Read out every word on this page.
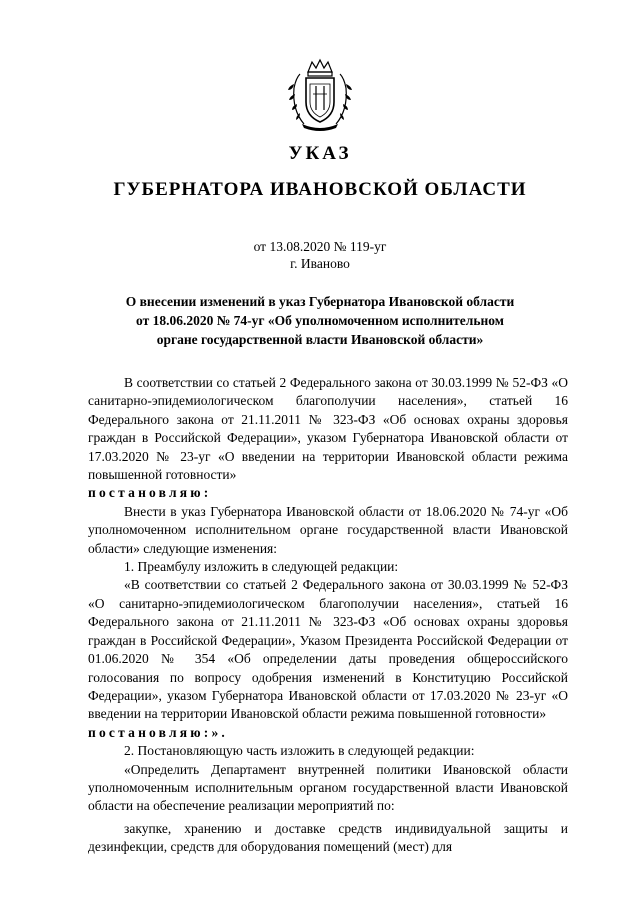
УКАЗ
ГУБЕРНАТОРА ИВАНОВСКОЙ ОБЛАСТИ
от 13.08.2020 № 119-уг
г. Иваново
О внесении изменений в указ Губернатора Ивановской области
от 18.06.2020 № 74-уг «Об уполномоченном исполнительном
органе государственной власти Ивановской области»

В соответствии со статьей 2 Федерального закона от 30.03.1999 № 52-ФЗ «О санитарно-эпидемиологическом благополучии населения», статьей 16 Федерального закона от 21.11.2011 № 323-ФЗ «Об основах охраны здоровья граждан в Российской Федерации», указом Губернатора Ивановской области от 17.03.2020 № 23-уг «О введении на территории Ивановской области режима повышенной готовности»

постановляю:

Внести в указ Губернатора Ивановской области от 18.06.2020 № 74-уг «Об уполномоченном исполнительном органе государственной власти Ивановской области» следующие изменения:

1. Преамбулу изложить в следующей редакции:

«В соответствии со статьей 2 Федерального закона от 30.03.1999 № 52-ФЗ «О санитарно-эпидемиологическом благополучии населения», статьей 16 Федерального закона от 21.11.2011 № 323-ФЗ «Об основах охраны здоровья граждан в Российской Федерации», Указом Президента Российской Федерации от 01.06.2020 № 354 «Об определении даты проведения общероссийского голосования по вопросу одобрения изменений в Конституцию Российской Федерации», указом Губернатора Ивановской области от 17.03.2020 № 23-уг «О введении на территории Ивановской области режима повышенной готовности»

постановляю:».

2. Постановляющую часть изложить в следующей редакции:

«Определить Департамент внутренней политики Ивановской области уполномоченным исполнительным органом государственной власти Ивановской области на обеспечение реализации мероприятий по:

закупке, хранению и доставке средств индивидуальной защиты и дезинфекции, средств для оборудования помещений (мест) для
